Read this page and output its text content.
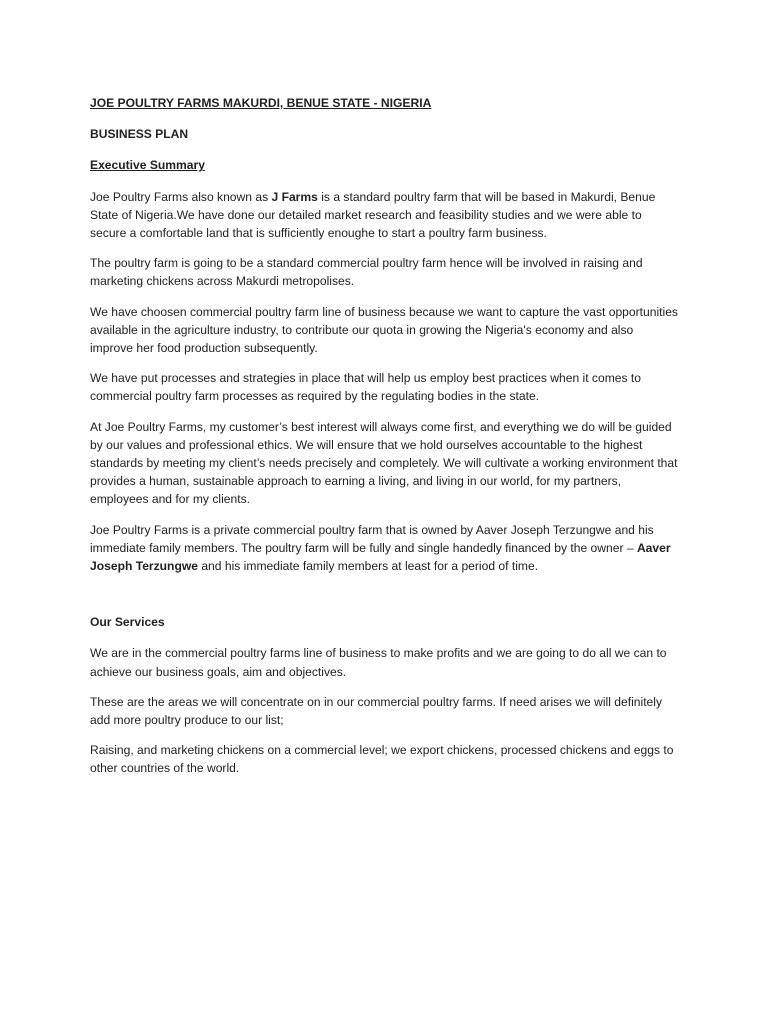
JOE POULTRY FARMS MAKURDI, BENUE STATE - NIGERIA
BUSINESS PLAN
Executive Summary

Joe Poultry Farms also known as J Farms is a standard poultry farm that will be based in Makurdi, Benue State of Nigeria.We have done our detailed market research and feasibility studies and we were able to secure a comfortable land that is sufficiently enoughe to start a poultry farm business.

The poultry farm is going to be a standard commercial poultry farm hence will be involved in raising and marketing chickens across Makurdi metropolises.

We have choosen commercial poultry farm line of business because we want to capture the vast opportunities available in the agriculture industry, to contribute our quota in growing the Nigeria's economy and also improve her food production subsequently.

We have put processes and strategies in place that will help us employ best practices when it comes to commercial poultry farm processes as required by the regulating bodies in the state.

At Joe Poultry Farms, my customer’s best interest will always come first, and everything we do will be guided by our values and professional ethics. We will ensure that we hold ourselves accountable to the highest standards by meeting my client’s needs precisely and completely. We will cultivate a working environment that provides a human, sustainable approach to earning a living, and living in our world, for my partners, employees and for my clients.

Joe Poultry Farms is a private commercial poultry farm that is owned by Aaver Joseph Terzungwe and his immediate family members. The poultry farm will be fully and single handedly financed by the owner – Aaver Joseph Terzungwe and his immediate family members at least for a period of time.

Our Services

We are in the commercial poultry farms line of business to make profits and we are going to do all we can to achieve our business goals, aim and objectives.

These are the areas we will concentrate on in our commercial poultry farms. If need arises we will definitely add more poultry produce to our list;

Raising, and marketing chickens on a commercial level; we export chickens, processed chickens and eggs to other countries of the world.
